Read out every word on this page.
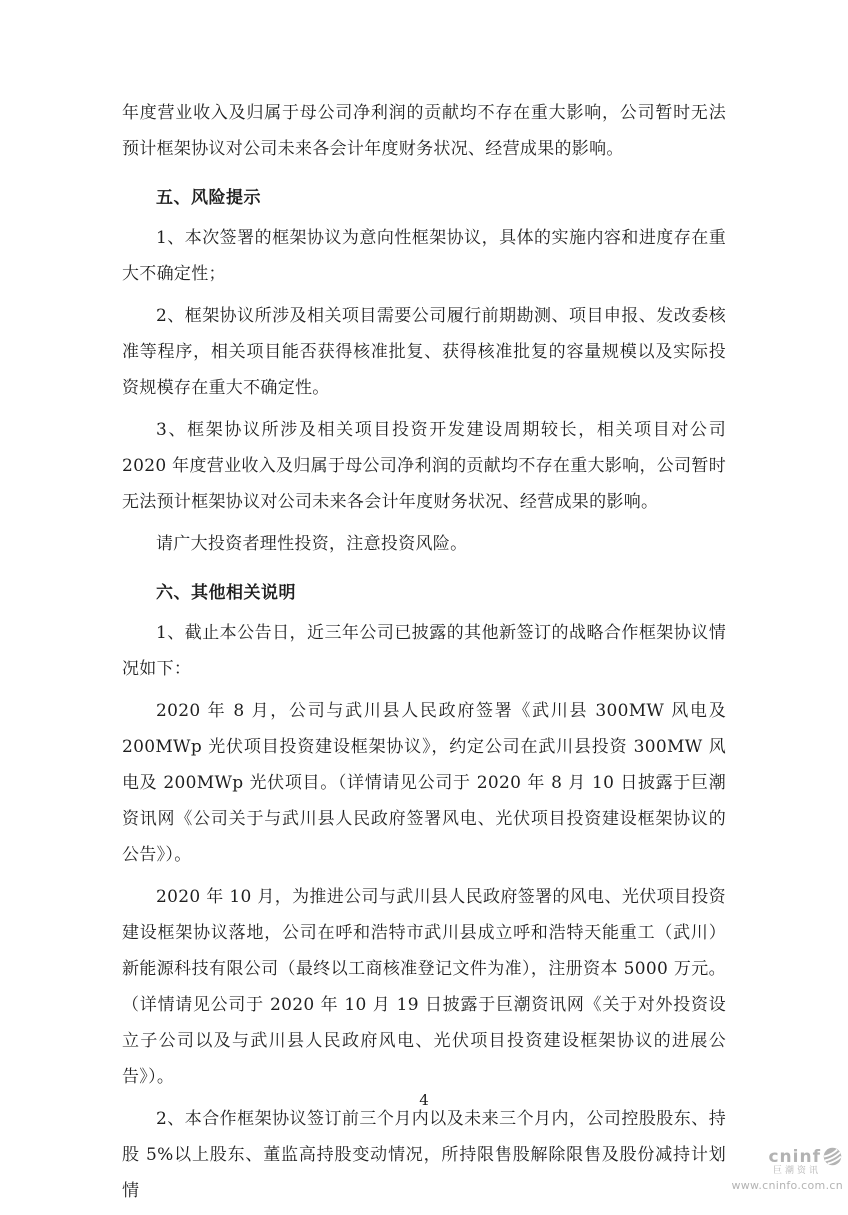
年度营业收入及归属于母公司净利润的贡献均不存在重大影响，公司暂时无法预计框架协议对公司未来各会计年度财务状况、经营成果的影响。

五、风险提示

1、本次签署的框架协议为意向性框架协议，具体的实施内容和进度存在重大不确定性；

2、框架协议所涉及相关项目需要公司履行前期勘测、项目申报、发改委核准等程序，相关项目能否获得核准批复、获得核准批复的容量规模以及实际投资规模存在重大不确定性。

3、框架协议所涉及相关项目投资开发建设周期较长，相关项目对公司 2020 年度营业收入及归属于母公司净利润的贡献均不存在重大影响，公司暂时无法预计框架协议对公司未来各会计年度财务状况、经营成果的影响。

请广大投资者理性投资，注意投资风险。

六、其他相关说明

1、截止本公告日，近三年公司已披露的其他新签订的战略合作框架协议情况如下：

2020 年 8 月，公司与武川县人民政府签署《武川县 300MW 风电及 200MWp 光伏项目投资建设框架协议》，约定公司在武川县投资 300MW 风电及 200MWp 光伏项目。（详情请见公司于 2020 年 8 月 10 日披露于巨潮资讯网《公司关于与武川县人民政府签署风电、光伏项目投资建设框架协议的公告》）。

2020 年 10 月，为推进公司与武川县人民政府签署的风电、光伏项目投资建设框架协议落地，公司在呼和浩特市武川县成立呼和浩特天能重工（武川）新能源科技有限公司（最终以工商核准登记文件为准），注册资本 5000 万元。（详情请见公司于 2020 年 10 月 19 日披露于巨潮资讯网《关于对外投资设立子公司以及与武川县人民政府风电、光伏项目投资建设框架协议的进展公告》）。

2、本合作框架协议签订前三个月内以及未来三个月内，公司控股股东、持股 5%以上股东、董监高持股变动情况，所持限售股解除限售及股份减持计划情

4
cninf
巨潮资讯
www.cninfo.com.cn
